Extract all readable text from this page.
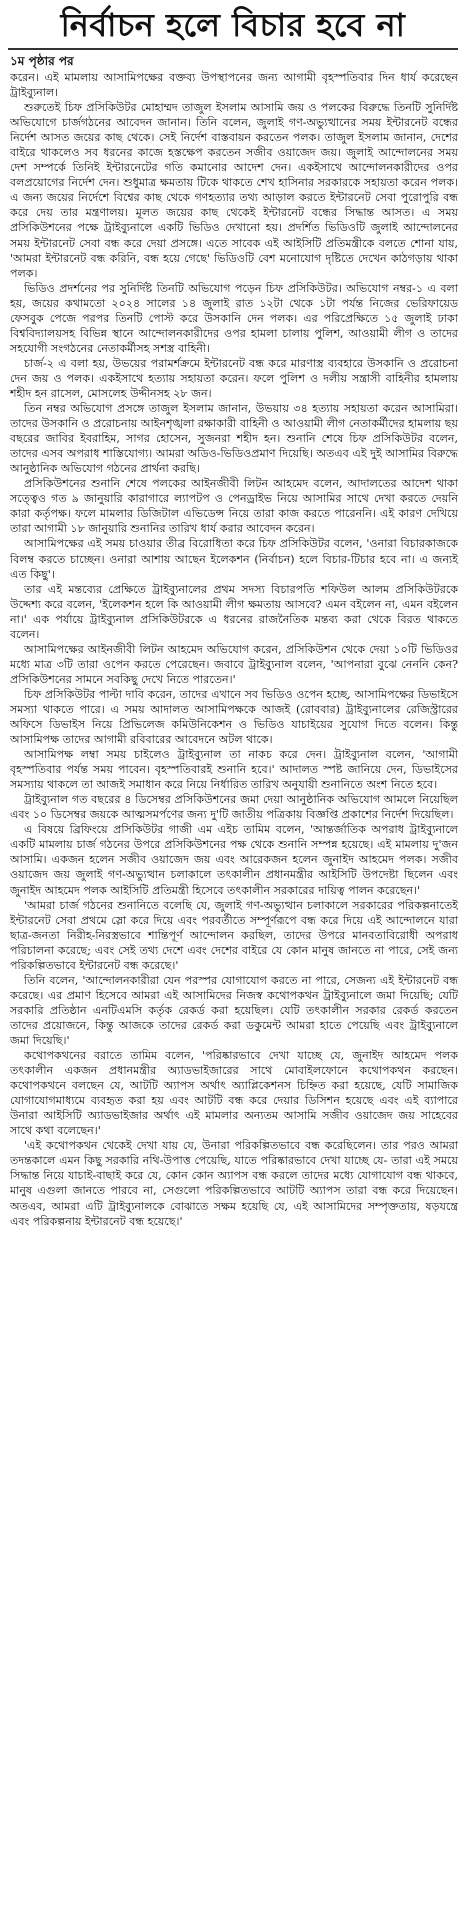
নির্বাচন হলে বিচার হবে না
১ম পৃষ্ঠার পর

করেন। এই মামলায় আসামিপক্ষের বক্তব্য উপস্থাপনের জন্য আগামী বৃহস্পতিবার দিন ধার্য করেছেন ট্রাইব্যুনাল।

শুরুতেই চিফ প্রসিকিউটর মোহাম্মদ তাজুল ইসলাম আসামি জয় ও পলকের বিরুদ্ধে তিনটি সুনির্দিষ্ট অভিযোগে চার্জগঠনের আবেদন জানান। তিনি বলেন, জুলাই গণ-অভ্যুত্থানের সময় ইন্টারনেট বন্ধের নির্দেশ আসত জয়ের কাছ থেকে। সেই নির্দেশ বাস্তবায়ন করতেন পলক। তাজুল ইসলাম জানান, দেশের বাইরে থাকলেও সব ধরনের কাজে হস্তক্ষেপ করতেন সজীব ওয়াজেদ জয়। জুলাই আন্দোলনের সময় দেশ সম্পর্কে তিনিই ইন্টারনেটের গতি কমানোর আদেশ দেন। একইসাথে আন্দোলনকারীদের ওপর বলপ্রয়োগের নির্দেশ দেন। শুধুমাত্র ক্ষমতায় টিকে থাকতে শেখ হাসিনার সরকারকে সহায়তা করেন পলক। এ জন্য জয়ের নির্দেশে বিশ্বের কাছ থেকে গণহত্যার তথ্য আড়াল করতে ইন্টারনেট সেবা পুরোপুরি বন্ধ করে দেয় তার মন্ত্রণালয়। মূলত জয়ের কাছ থেকেই ইন্টারনেট বন্ধের সিদ্ধান্ত আসত। এ সময় প্রসিকিউশনের পক্ষে ট্রাইব্যুনালে একটি ভিডিও দেখানো হয়। প্রদর্শিত ভিডিওটি জুলাই আন্দোলনের সময় ইন্টারনেট সেবা বন্ধ করে দেয়া প্রসঙ্গে। এতে সাবেক এই আইসিটি প্রতিমন্ত্রীকে বলতে শোনা যায়, 'আমরা ইন্টারনেট বন্ধ করিনি, বন্ধ হয়ে গেছে' ভিডিওটি বেশ মনোযোগ দৃষ্টিতে দেখেন কাঠগড়ায় থাকা পলক।

ভিডিও প্রদর্শনের পর সুনির্দিষ্ট তিনটি অভিযোগ পড়েন চিফ প্রসিকিউটর। অভিযোগ নম্বর-১ এ বলা হয়, জয়ের কথামতো ২০২৪ সালের ১৪ জুলাই রাত ১২টা থেকে ১টা পর্যন্ত নিজের ভেরিফায়েড ফেসবুক পেজে পরপর তিনটি পোস্ট করে উসকানি দেন পলক। এর পরিপ্রেক্ষিতে ১৫ জুলাই ঢাকা বিশ্ববিদ্যালয়সহ বিভিন্ন স্থানে আন্দোলনকারীদের ওপর হামলা চালায় পুলিশ, আওয়ামী লীগ ও তাদের সহযোগী সংগঠনের নেতাকর্মীসহ সশস্ত্র বাহিনী।

চার্জ-২ এ বলা হয়, উভয়ের পরামর্শক্রমে ইন্টারনেট বন্ধ করে মারণাস্ত্র ব্যবহারে উসকানি ও প্ররোচনা দেন জয় ও পলক। একইসাথে হত্যায় সহায়তা করেন। ফলে পুলিশ ও দলীয় সন্ত্রাসী বাহিনীর হামলায় শহীদ হন রাসেল, মোসলেহ উদ্দীনসহ ২৮ জন।

তিন নম্বর অভিযোগ প্রসঙ্গে তাজুল ইসলাম জানান, উভয়ায় ৩৪ হত্যায় সহায়তা করেন আসামিরা। তাদের উসকানি ও প্ররোচনায় আইনশৃঙ্খলা রক্ষাকারী বাহিনী ও আওয়ামী লীগ নেতাকর্মীদের হামলায় ছয় বছরের জাবির ইবরাহিম, সাগর হোসেন, সুজনরা শহীদ হন। শুনানি শেষে চিফ প্রসিকিউটর বলেন, তাদের এসব অপরাধ শাস্তিযোগ্য। আমরা অডিও-ভিডিওপ্রমাণ দিয়েছি। অতএব এই দুই আসামির বিরুদ্ধে আনুষ্ঠানিক অভিযোগ গঠনের প্রার্থনা করছি।

প্রসিকিউশনের শুনানি শেষে পলকের আইনজীবী লিটন আহমেদ বলেন, আদালতের আদেশ থাকা সত্ত্বেও গত ৯ জানুয়ারি কারাগারে ল্যাপটপ ও পেনড্রাইভ নিয়ে আসামির সাথে দেখা করতে দেয়নি কারা কর্তৃপক্ষ। ফলে মামলার ডিজিটাল এভিডেন্স নিয়ে তারা কাজ করতে পারেননি। এই কারণ দেখিয়ে তারা আগামী ১৮ জানুয়ারি শুনানির তারিখ ধার্য করার আবেদন করেন।

আসামিপক্ষের এই সময় চাওয়ার তীব্র বিরোধিতা করে চিফ প্রসিকিউটর বলেন, 'ওনারা বিচারকাজকে বিলম্ব করতে চাচ্ছেন। ওনারা আশায় আছেন ইলেকশন (নির্বাচন) হলে বিচার-টিচার হবে না। এ জন্যই এত কিছু'।

তার এই মন্তব্যের প্রেক্ষিতে ট্রাইব্যুনালের প্রথম সদস্য বিচারপতি শফিউল আলম প্রসিকিউটরকে উদ্দেশ্য করে বলেন, 'ইলেকশন হলে কি আওয়ামী লীগ ক্ষমতায় আসবে? এমন বইলেন না, এমন বইলেন না।' এক পর্যায়ে ট্রাইব্যুনাল প্রসিকিউটরকে এ ধরনের রাজনৈতিক মন্তব্য করা থেকে বিরত থাকতে বলেন।

আসামিপক্ষের আইনজীবী লিটন আহমেদ অভিযোগ করেন, প্রসিকিউশন থেকে দেয়া ১০টি ভিডিওর মধ্যে মাত্র ৩টি তারা ওপেন করতে পেরেছেন। জবাবে ট্রাইব্যুনাল বলেন, 'আপনারা বুঝে নেননি কেন? প্রসিকিউশনের সামনে সবকিছু দেখে নিতে পারতেন।'

চিফ প্রসিকিউটর পাল্টা দাবি করেন, তাদের এখানে সব ভিডিও ওপেন হচ্ছে, আসামিপক্ষের ডিভাইসে সমস্যা থাকতে পারে। এ সময় আদালত আসামিপক্ষকে আজই (রোববার) ট্রাইব্যুনালের রেজিস্ট্রারের অফিসে ডিভাইস নিয়ে প্রিভিলেজ কমিউনিকেশন ও ভিডিও যাচাইয়ের সুযোগ দিতে বলেন। কিন্তু আসামিপক্ষ তাদের আগামী রবিবারের আবেদনে অটল থাকে।

আসামিপক্ষ লম্বা সময় চাইলেও ট্রাইব্যুনাল তা নাকচ করে দেন। ট্রাইব্যুনাল বলেন, 'আগামী বৃহস্পতিবার পর্যন্ত সময় পাবেন। বৃহস্পতিবারই শুনানি হবে।' আদালত স্পষ্ট জানিয়ে দেন, ডিভাইসের সমস্যায় থাকলে তা আজই সমাধান করে নিয়ে নির্ধারিত তারিখ অনুযায়ী শুনানিতে অংশ নিতে হবে।

ট্রাইব্যুনাল গত বছরের ৪ ডিসেম্বর প্রসিকিউশনের জমা দেয়া আনুষ্ঠানিক অভিযোগ আমলে নিয়েছিল এবং ১০ ডিসেম্বর জয়কে আত্মসমর্পণের জন্য দু'টি জাতীয় পত্রিকায় বিজ্ঞপ্তি প্রকাশের নির্দেশ দিয়েছিল।

এ বিষয়ে ব্রিফিংয়ে প্রসিকিউটর গাজী এম এইচ তামিম বলেন, 'আন্তর্জাতিক অপরাধ ট্রাইব্যুনালে একটি মামলায় চার্জ গঠনের উপরে প্রসিকিউশনের পক্ষ থেকে শুনানি সম্পন্ন হয়েছে। এই মামলায় দু'জন আসামি। একজন হলেন সজীব ওয়াজেদ জয় এবং আরেকজন হলেন জুনাইদ আহমেদ পলক। সজীব ওয়াজেদ জয় জুলাই গণ-অভ্যুত্থান চলাকালে তৎকালীন প্রধানমন্ত্রীর আইসিটি উপদেষ্টা ছিলেন এবং জুনাইদ আহমেদ পলক আইসিটি প্রতিমন্ত্রী হিসেবে তৎকালীন সরকারের দায়িত্ব পালন করেছেন।'

'আমরা চার্জ গঠনের শুনানিতে বলেছি যে, জুলাই গণ-অভ্যুত্থান চলাকালে সরকারের পরিকল্পনাতেই ইন্টারনেট সেবা প্রথমে স্লো করে দিয়ে এবং পরবর্তীতে সম্পূর্ণরূপে বন্ধ করে দিয়ে এই আন্দোলনে যারা ছাত্র-জনতা নিরীহ-নিরস্ত্রভাবে শান্তিপূর্ণ আন্দোলন করছিল, তাদের উপরে মানবতাবিরোধী অপরাধ পরিচালনা করেছে; এবং সেই তথ্য দেশে এবং দেশের বাইরে যে কোন মানুষ জানতে না পারে, সেই জন্য পরিকল্পিতভাবে ইন্টারনেট বন্ধ করেছে।'

তিনি বলেন, 'আন্দোলনকারীরা যেন পরস্পর যোগাযোগ করতে না পারে, সেজন্য এই ইন্টারনেট বন্ধ করেছে। এর প্রমাণ হিসেবে আমরা এই আসামিদের নিজস্ব কথোপকথন ট্রাইব্যুনালে জমা দিয়েছি; যেটি সরকারি প্রতিষ্ঠান এনটিএমসি কর্তৃক রেকর্ড করা হয়েছিল। যেটি তৎকালীন সরকার রেকর্ড করতেন তাদের প্রয়োজনে, কিন্তু আজকে তাদের রেকর্ড করা ডকুমেন্ট আমরা হাতে পেয়েছি এবং ট্রাইব্যুনালে জমা দিয়েছি।'

কথোপকথনের বরাতে তামিম বলেন, 'পরিষ্কারভাবে দেখা যাচ্ছে যে, জুনাইদ আহমেদ পলক তৎকালীন একজন প্রধানমন্ত্রীর অ্যাডভাইজারের সাথে মোবাইলফোনে কথোপকথন করছেন। কথোপকথনে বলছেন যে, আটটি অ্যাপস অর্থাৎ অ্যাপ্লিকেশনস চিহ্নিত করা হয়েছে, যেটি সামাজিক যোগাযোগমাধ্যমে ব্যবহৃত করা হয় এবং আটটি বন্ধ করে দেয়ার ডিসিশন হয়েছে এবং এই ব্যাপারে উনারা আইসিটি অ্যাডভাইজার অর্থাৎ এই মামলার অন্যতম আসামি সজীব ওয়াজেদ জয় সাহেবের সাথে কথা বলেছেন।'

'এই কথোপকথন থেকেই দেখা যায় যে, উনারা পরিকল্পিতভাবে বন্ধ করেছিলেন। তার পরও আমরা তদন্তকালে এমন কিছু সরকারি নথি-উপাত্ত পেয়েছি, যাতে পরিষ্কারভাবে দেখা যাচ্ছে যে- তারা এই সময়ে সিদ্ধান্ত নিয়ে যাচাই-বাছাই করে যে, কোন কোন অ্যাপস বন্ধ করলে তাদের মধ্যে যোগাযোগ বন্ধ থাকবে, মানুষ এগুলা জানতে পারবে না, সেগুলো পরিকল্পিতভাবে আটটি অ্যাপস তারা বন্ধ করে দিয়েছেন। অতএব, আমরা এটি ট্রাইব্যুনালকে বোঝাতে সক্ষম হয়েছি যে, এই আসামিদের সম্পৃক্ততায়, ষড়যন্ত্রে এবং পরিকল্পনায় ইন্টারনেট বন্ধ হয়েছে।'
